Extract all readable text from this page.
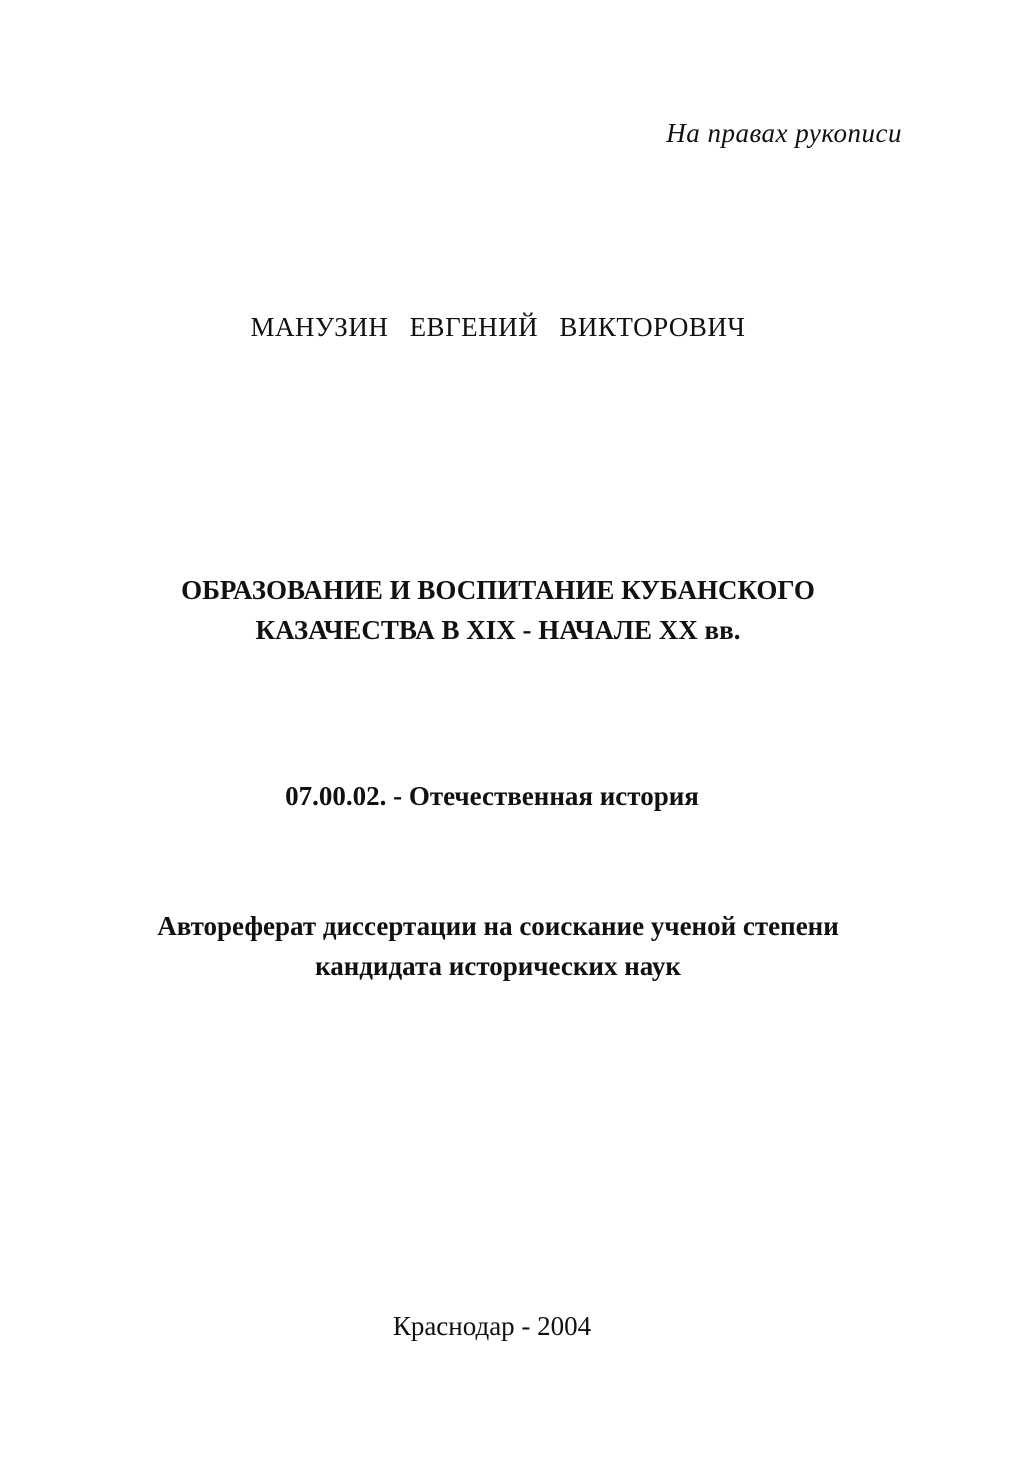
На правах рукописи
МАНУЗИН ЕВГЕНИЙ ВИКТОРОВИЧ
ОБРАЗОВАНИЕ И ВОСПИТАНИЕ КУБАНСКОГО
КАЗАЧЕСТВА В XIX - НАЧАЛЕ XX вв.
07.00.02. - Отечественная история
Автореферат диссертации на соискание ученой степени
кандидата исторических наук
Краснодар - 2004
